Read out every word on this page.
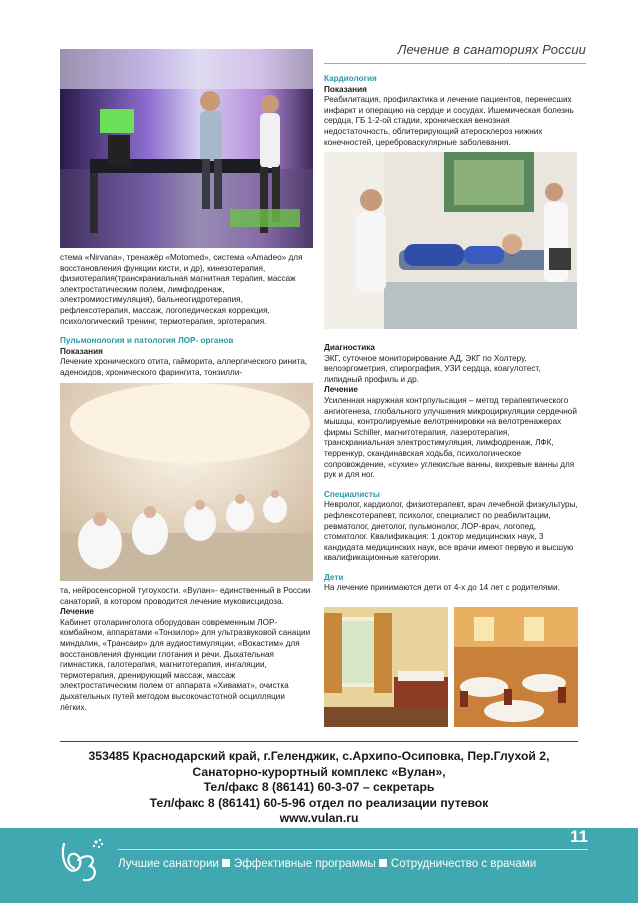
Лечение в санаториях России

стема «Nirvana», тренажёр «Motomed», система «Amadeo» для восстановления функции кисти, и др), кинезотерапия, физиотерапия(транскраниальная магнитная терапия, массаж электростатическим полем, лимфодренаж, электромиостимуляция), бальнеогидротерапия, рефлексотерапия, массаж, логопедическая коррекция, психологический тренинг, термотерапия, эрготерапия.

Пульмонология и патология ЛОР- органов

Показания

Лечение хронического отита, гайморита, аллергического ринита, аденоидов, хронического фарингита, тонзилли-

та, нейросенсорной тугоухости. «Вулан»- единственный в России санаторий, в котором проводится лечение муковисцидоза.

Лечение

Кабинет отоларинголога оборудован современным ЛОР-комбайном, аппаратами «Тонзилор» для ультразвуковой санации миндалин, «Трансаир» для аудиостимуляции, «Вокастим» для восстановления функции глотания и речи. Дыхательная гимнастика, галотерапия, магнитотерапия, ингаляции, термотерапия, дренирующий массаж, массаж электростатическим полем от аппарата «Хивамат», очистка дыхательных путей методом высокочастотной осцилляции лёгких.

Кардиология

Показания

Реабилитация, профилактика и лечение пациентов, перенесших инфаркт и операцию на сердце и сосудах. Ишемическая болезнь сердца, ГБ 1-2-ой стадии, хроническая венозная недостаточность, облитерирующий атеросклероз нижних конечностей, цереброваскулярные заболевания.

Диагностика

ЭКГ, суточное мониторирование АД, ЭКГ по Холтеру, велоэргометрия, спирография, УЗИ сердца, коагулотест, липидный профиль и др.

Лечение

Усиленная наружная контрпульсация – метод терапевтического ангиогенеза, глобального улучшения микроциркуляции сердечной мышцы, контролируемые велотренировки на велотренажерах фирмы Schiller, магнитотерапия, лазеротерапия, транскраниальная электростимуляция, лимфодренаж, ЛФК, терренкур, скандинавская ходьба, психологическое сопровождение, «сухие» углекислые ванны, вихревые ванны для рук и для ног.

Специалисты

Невролог, кардиолог, физиотерапевт, врач лечебной физкультуры, рефлексотерапевт, психолог, специалист по реабилитации, ревматолог, диетолог, пульмонолог, ЛОР-врач, логопед, стоматолог. Квалификация: 1 доктор медицинских наук, 3 кандидата медицинских наук, все врачи имеют первую и высшую квалификационные категории.

Дети

На лечение принимаются дети от 4-х до 14 лет с родителями.

353485 Краснодарский край, г.Геленджик, с.Архипо-Осиповка, Пер.Глухой 2,
Санаторно-курортный комплекс «Вулан»,
Тел/факс 8 (86141) 60-3-07 – секретарь
Тел/факс 8 (86141) 60-5-96 отдел по реализации путевок
www.vulan.ru
11
Лучшие санатории Эффективные программы Сотрудничество с врачами
